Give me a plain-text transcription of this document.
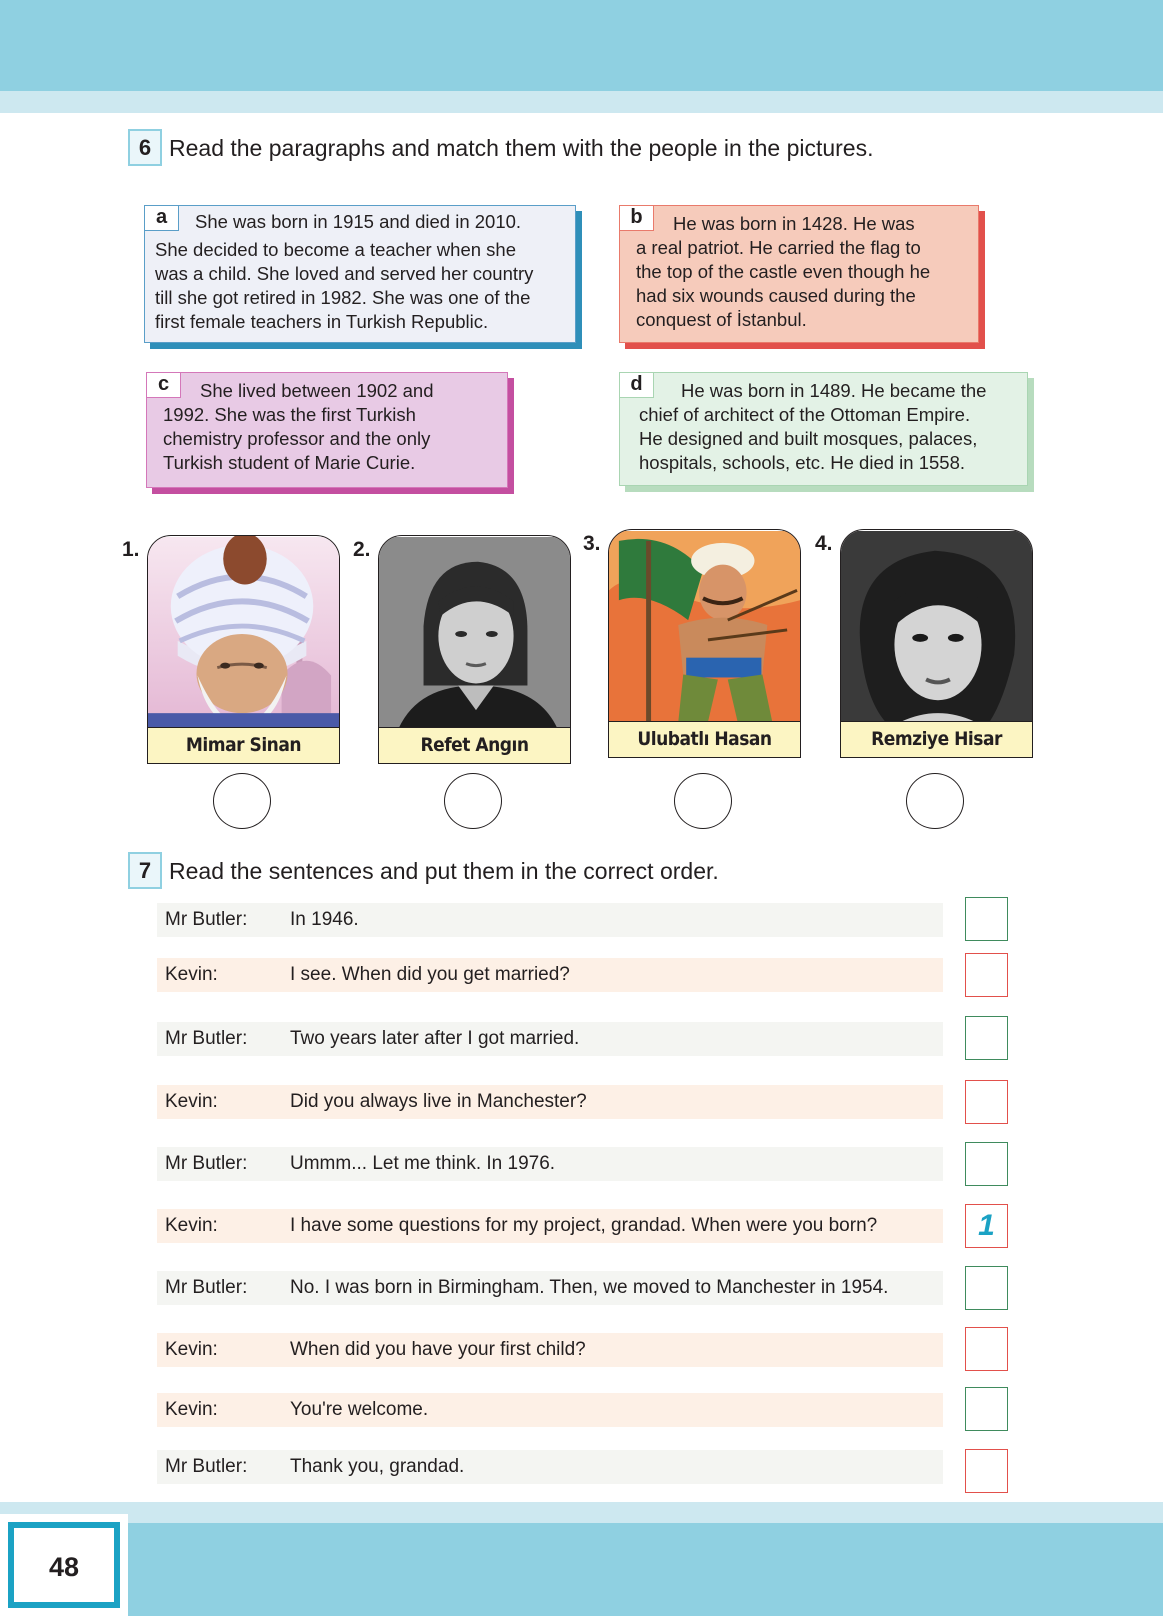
48
6 Read the paragraphs and match them with the people in the pictures.
a	She was born in 1915 and died in 2010.
She decided to become a teacher when she
was a child. She loved and served her country
till she got retired in 1982. She was one of the
first female teachers in Turkish Republic.
b	He was born in 1428. He was
a real patriot. He carried the flag to
the top of the castle even though he
had six wounds caused during the
conquest of İstanbul.
c	She lived between 1902 and
1992. She was the first Turkish
chemistry professor and the only
Turkish student of Marie Curie.
d	He was born in 1489. He became the
chief of architect of the Ottoman Empire.
He designed and built mosques, palaces,
hospitals, schools, etc. He died in 1558.
1.
Mimar Sinan
2.
Refet Angın
3.
Ulubatlı Hasan
4.
Remziye Hisar
7 Read the sentences and put them in the correct order.
Mr Butler: In 1946.
Kevin:	I see. When did you get married?
Mr Butler: Two years later after I got married.
Kevin:	Did you always live in Manchester?
Mr Butler: Ummm... Let me think. In 1976.
Kevin:	I have some questions for my project, grandad. When were you born?	1
Mr Butler: No. I was born in Birmingham. Then, we moved to Manchester in 1954.
Kevin:	When did you have your first child?
Kevin:	You're welcome.
Mr Butler: Thank you, grandad.
